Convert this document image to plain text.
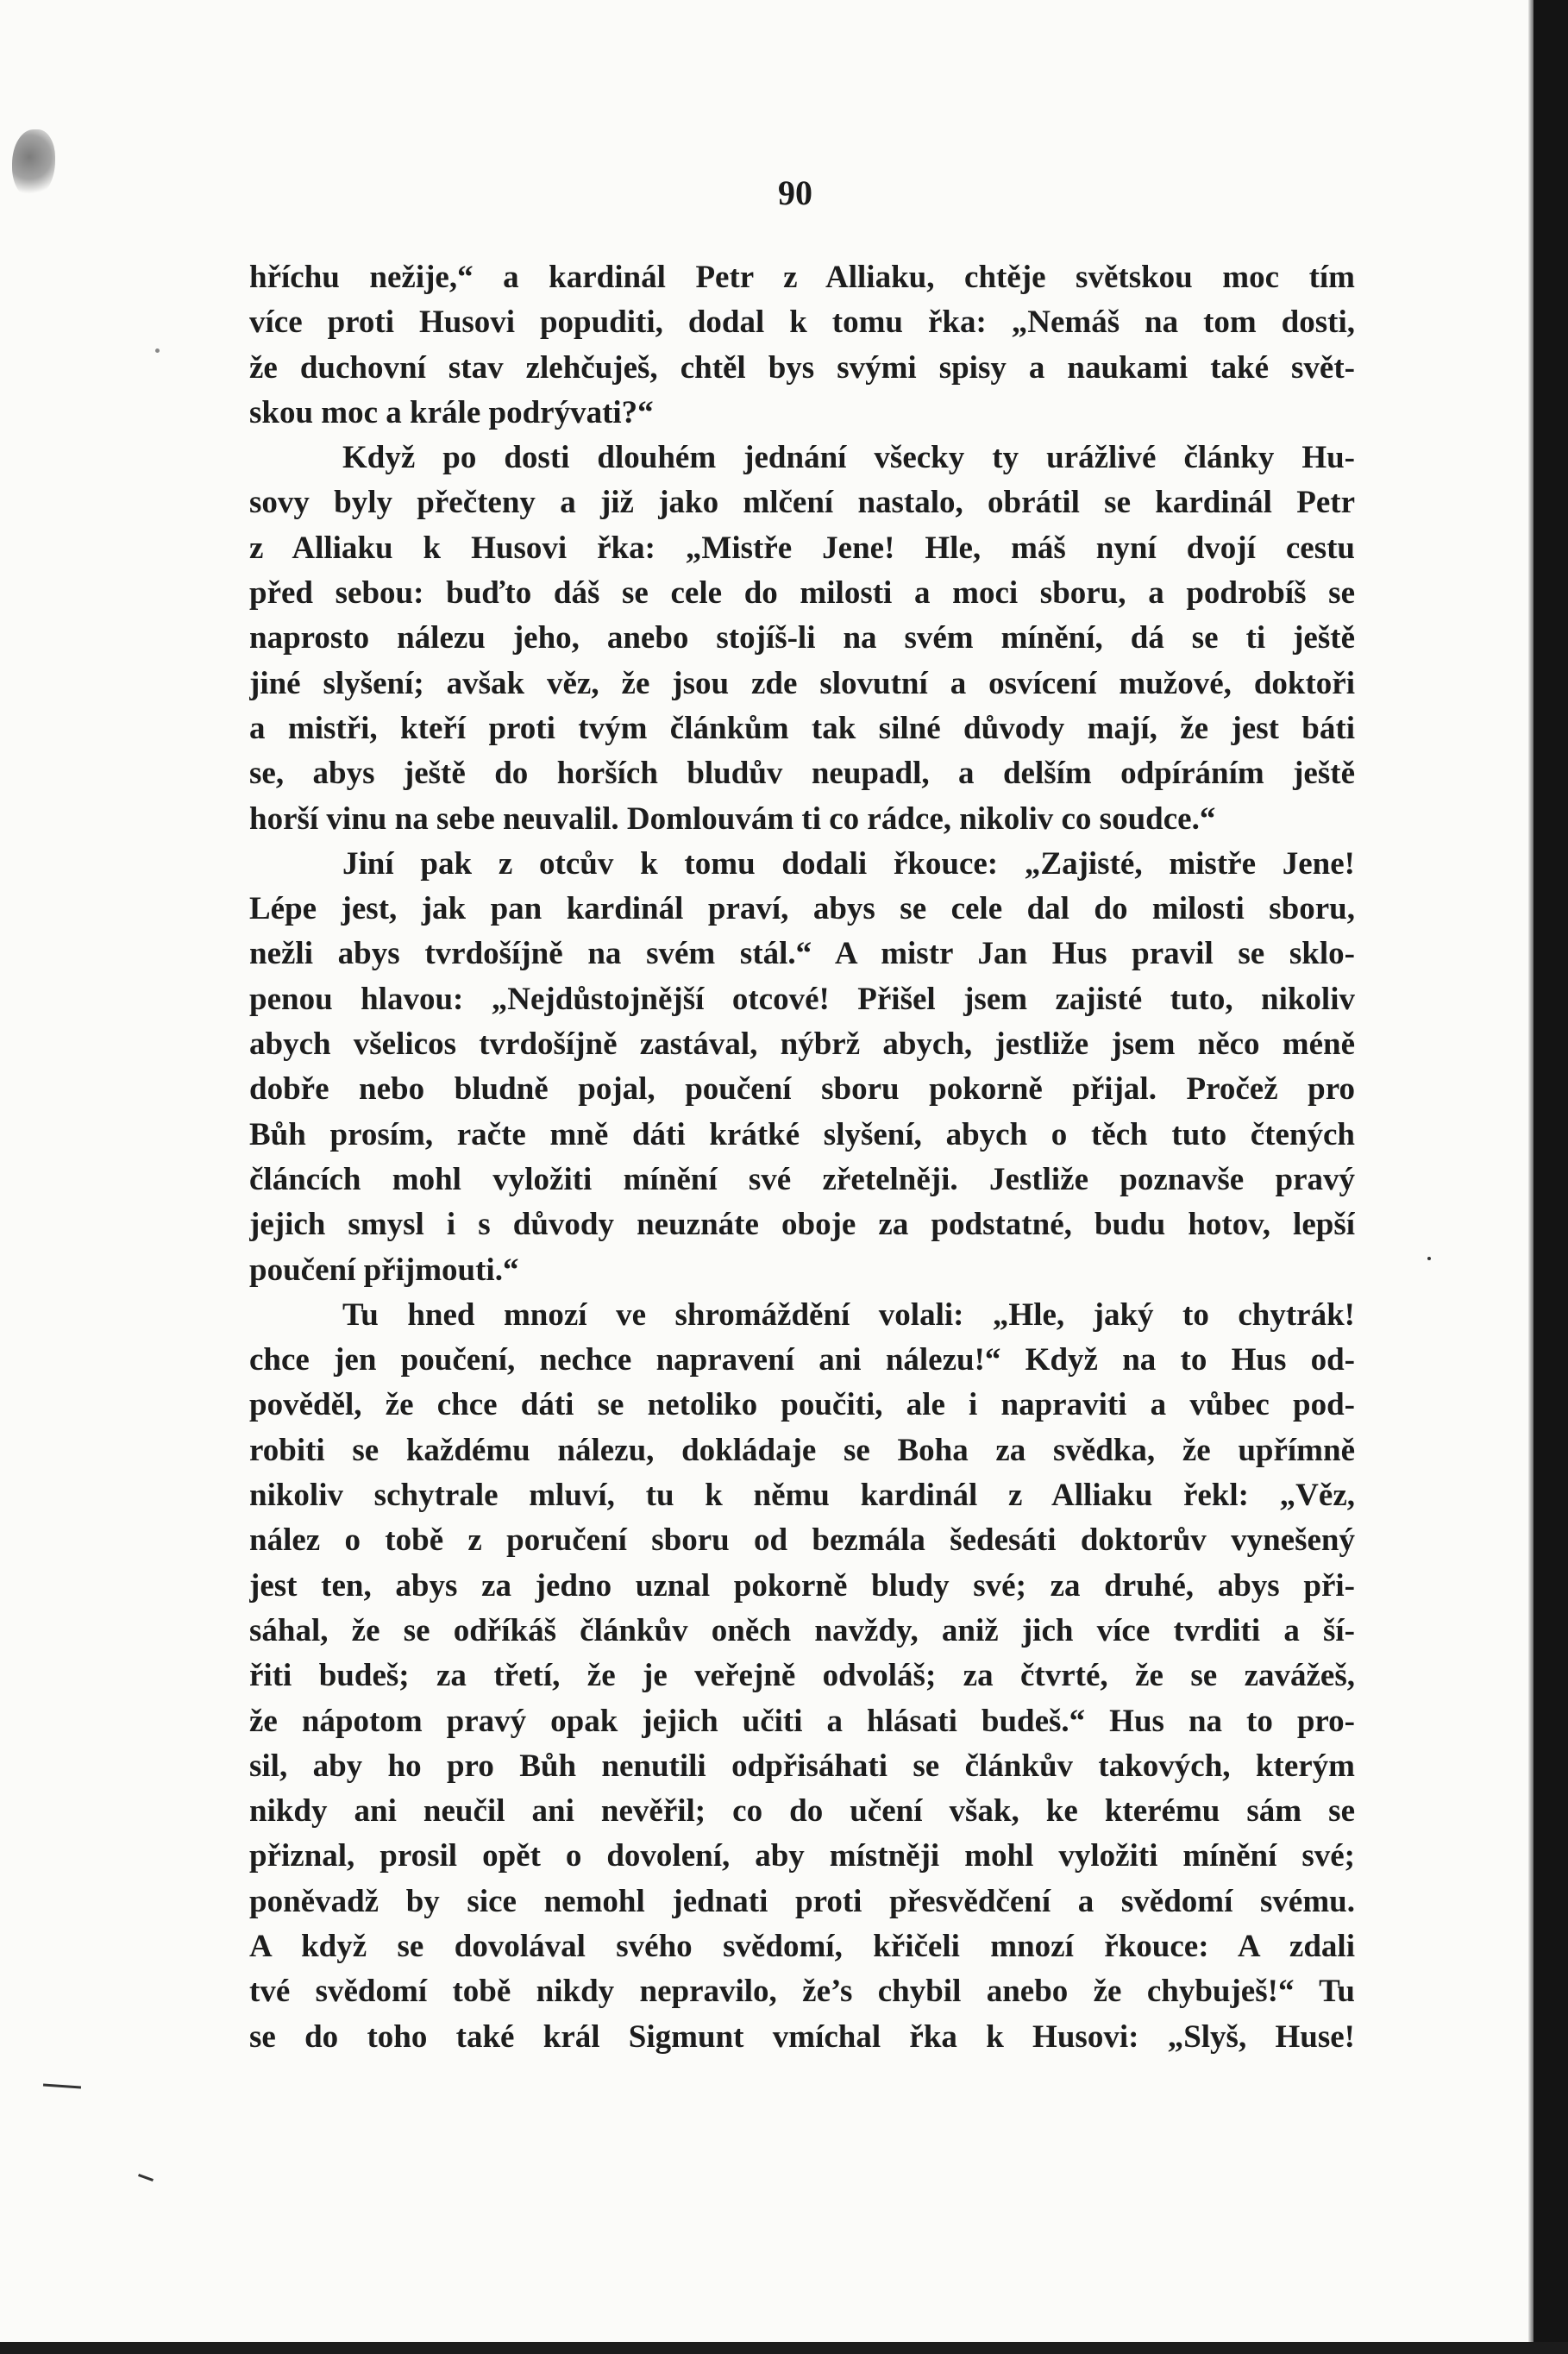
90

hříchu nežije,“ a kardinál Petr z Alliaku, chtěje světskou moc tím
více proti Husovi popuditi, dodal k tomu řka: „Nemáš na tom dosti,
že duchovní stav zlehčuješ, chtěl bys svými spisy a naukami také svět-
skou moc a krále podrývati?“
Když po dosti dlouhém jednání všecky ty urážlivé články Hu-
sovy byly přečteny a již jako mlčení nastalo, obrátil se kardinál Petr
z Alliaku k Husovi řka: „Mistře Jene! Hle, máš nyní dvojí cestu
před sebou: buďto dáš se cele do milosti a moci sboru, a podrobíš se
naprosto nálezu jeho, anebo stojíš-li na svém mínění, dá se ti ještě
jiné slyšení; avšak věz, že jsou zde slovutní a osvícení mužové, doktoři
a mistři, kteří proti tvým článkům tak silné důvody mají, že jest báti
se, abys ještě do horších bludův neupadl, a delším odpíráním ještě
horší vinu na sebe neuvalil. Domlouvám ti co rádce, nikoliv co soudce.“
Jiní pak z otcův k tomu dodali řkouce: „Zajisté, mistře Jene!
Lépe jest, jak pan kardinál praví, abys se cele dal do milosti sboru,
nežli abys tvrdošíjně na svém stál.“ A mistr Jan Hus pravil se sklo-
penou hlavou: „Nejdůstojnější otcové! Přišel jsem zajisté tuto, nikoliv
abych všelicos tvrdošíjně zastával, nýbrž abych, jestliže jsem něco méně
dobře nebo bludně pojal, poučení sboru pokorně přijal. Pročež pro
Bůh prosím, račte mně dáti krátké slyšení, abych o těch tuto čtených
článcích mohl vyložiti mínění své zřetelněji. Jestliže poznavše pravý
jejich smysl i s důvody neuznáte oboje za podstatné, budu hotov, lepší
poučení přijmouti.“
Tu hned mnozí ve shromáždění volali: „Hle, jaký to chytrák!
chce jen poučení, nechce napravení ani nálezu!“ Když na to Hus od-
pověděl, že chce dáti se netoliko poučiti, ale i napraviti a vůbec pod-
robiti se každému nálezu, dokládaje se Boha za svědka, že upřímně
nikoliv schytrale mluví, tu k němu kardinál z Alliaku řekl: „Věz,
nález o tobě z poručení sboru od bezmála šedesáti doktorův vynešený
jest ten, abys za jedno uznal pokorně bludy své; za druhé, abys při-
sáhal, že se odříkáš článkův oněch navždy, aniž jich více tvrditi a ší-
řiti budeš; za třetí, že je veřejně odvoláš; za čtvrté, že se zavážeš,
že nápotom pravý opak jejich učiti a hlásati budeš.“ Hus na to pro-
sil, aby ho pro Bůh nenutili odpřisáhati se článkův takových, kterým
nikdy ani neučil ani nevěřil; co do učení však, ke kterému sám se
přiznal, prosil opět o dovolení, aby místněji mohl vyložiti mínění své;
poněvadž by sice nemohl jednati proti přesvědčení a svědomí svému.
A když se dovolával svého svědomí, křičeli mnozí řkouce: A zdali
tvé svědomí tobě nikdy nepravilo, že’s chybil anebo že chybuješ!“ Tu
se do toho také král Sigmunt vmíchal řka k Husovi: „Slyš, Huse!
